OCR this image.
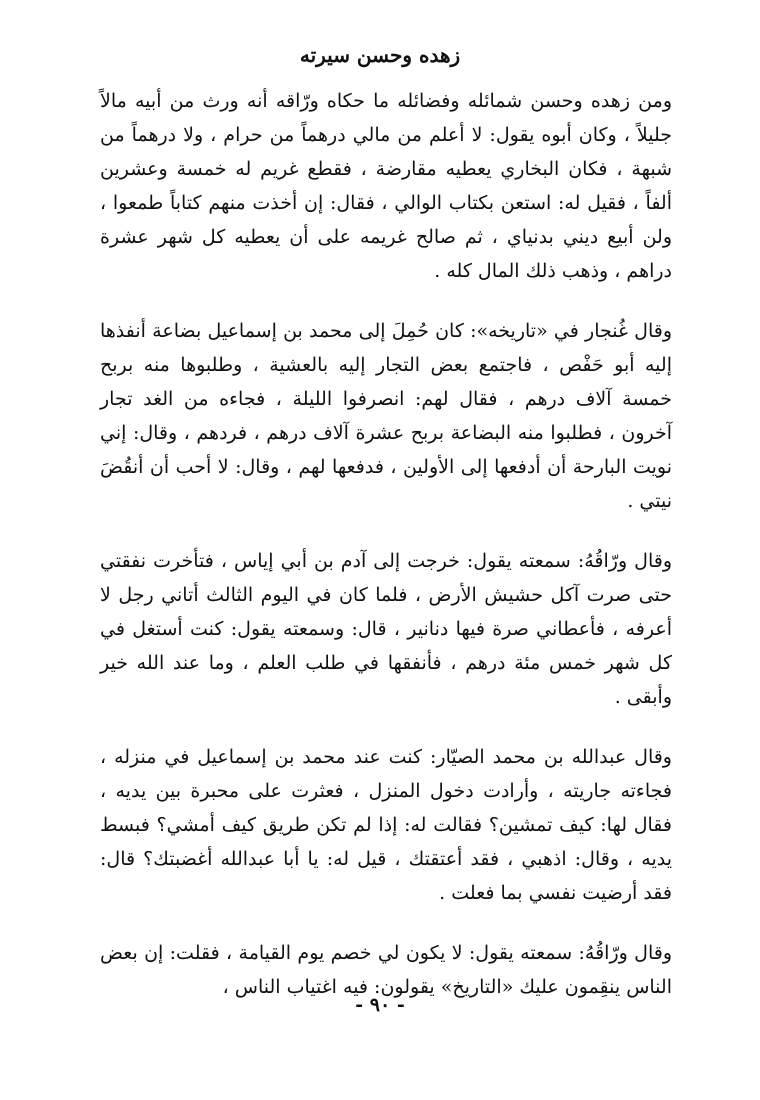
زهده وحسن سيرته

ومن زهده وحسن شمائله وفضائله ما حكاه ورّاقه أنه ورث من أبيه مالاً جليلاً ، وكان أبوه يقول: لا أعلم من مالي درهماً من حرام ، ولا درهماً من شبهة ، فكان البخاري يعطيه مقارضة ، فقطع غريم له خمسة وعشرين ألفاً ، فقيل له: استعن بكتاب الوالي ، فقال: إن أخذت منهم كتاباً طمعوا ، ولن أبيع ديني بدنياي ، ثم صالح غريمه على أن يعطيه كل شهر عشرة دراهم ، وذهب ذلك المال كله .

وقال غُنجار في «تاريخه»: كان حُمِلَ إلى محمد بن إسماعيل بضاعة أنفذها إليه أبو حَفْص ، فاجتمع بعض التجار إليه بالعشية ، وطلبوها منه بربح خمسة آلاف درهم ، فقال لهم: انصرفوا الليلة ، فجاءه من الغد تجار آخرون ، فطلبوا منه البضاعة بربح عشرة آلاف درهم ، فردهم ، وقال: إني نويت البارحة أن أدفعها إلى الأولين ، فدفعها لهم ، وقال: لا أحب أن أنقُضَ نيتي .

وقال ورّاقُهُ: سمعته يقول: خرجت إلى آدم بن أبي إياس ، فتأخرت نفقتي حتى صرت آكل حشيش الأرض ، فلما كان في اليوم الثالث أتاني رجل لا أعرفه ، فأعطاني صرة فيها دنانير ، قال: وسمعته يقول: كنت أستغل في كل شهر خمس مئة درهم ، فأنفقها في طلب العلم ، وما عند الله خير وأبقى .

وقال عبدالله بن محمد الصيّار: كنت عند محمد بن إسماعيل في منزله ، فجاءته جاريته ، وأرادت دخول المنزل ، فعثرت على محبرة بين يديه ، فقال لها: كيف تمشين؟ فقالت له: إذا لم تكن طريق كيف أمشي؟ فبسط يديه ، وقال: اذهبي ، فقد أعتقتك ، قيل له: يا أبا عبدالله أغضبتك؟ قال: فقد أرضيت نفسي بما فعلت .

وقال ورّاقُهُ: سمعته يقول: لا يكون لي خصم يوم القيامة ، فقلت: إن بعض الناس ينقِمون عليك «التاريخ» يقولون: فيه اغتياب الناس ،

- ٩٠ -
